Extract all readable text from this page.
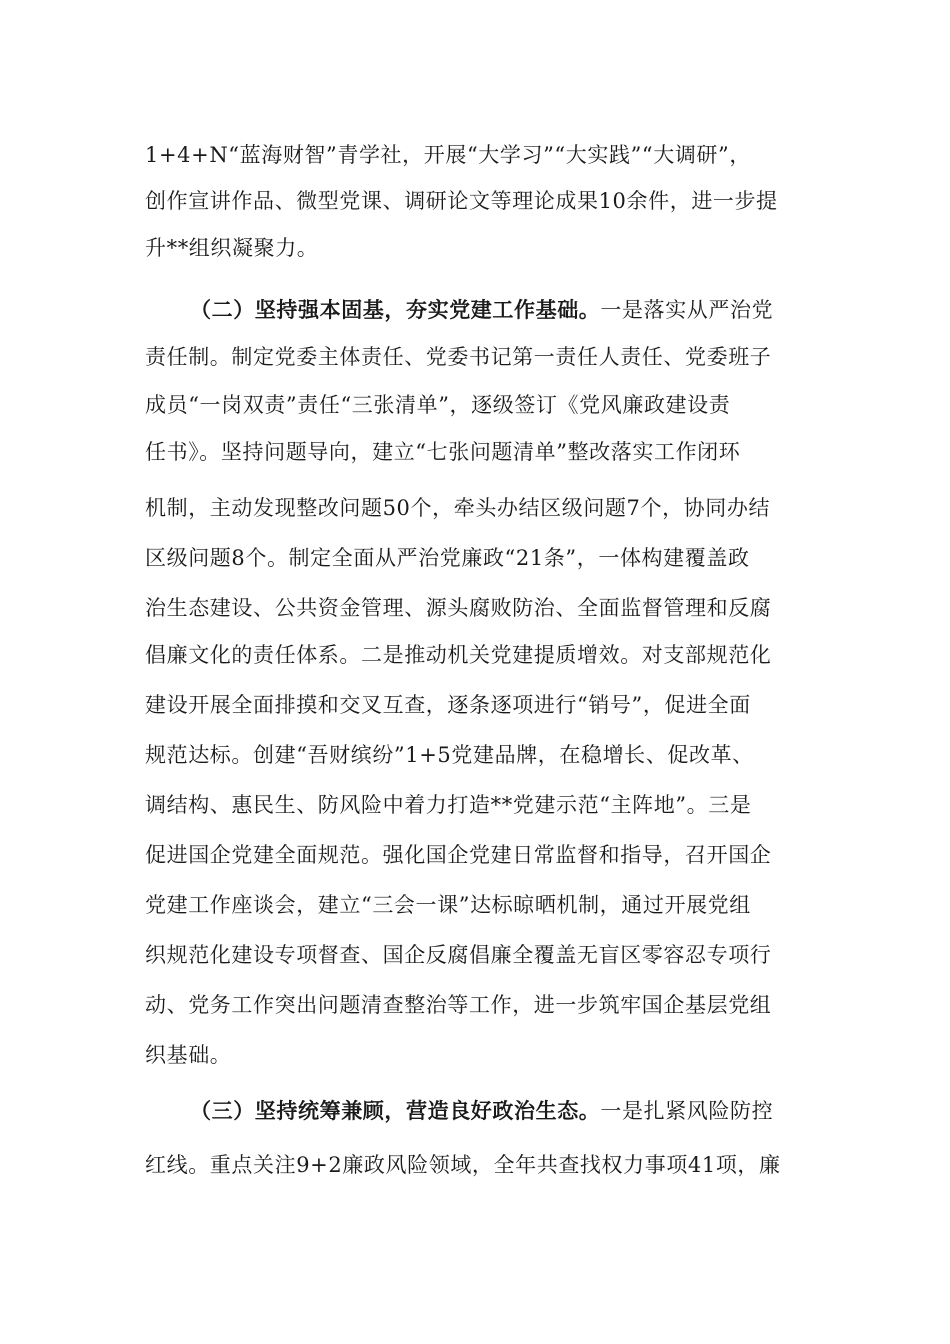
1+4+N“蓝海财智”青学社，开展“大学习”“大实践”“大调研”，
创作宣讲作品、微型党课、调研论文等理论成果10余件，进一步提
升**组织凝聚力。
（二）坚持强本固基，夯实党建工作基础。一是落实从严治党
责任制。制定党委主体责任、党委书记第一责任人责任、党委班子
成员“一岗双责”责任“三张清单”，逐级签订《党风廉政建设责
任书》。坚持问题导向，建立“七张问题清单”整改落实工作闭环
机制，主动发现整改问题50个，牵头办结区级问题7个，协同办结
区级问题8个。制定全面从严治党廉政“21条”，一体构建覆盖政
治生态建设、公共资金管理、源头腐败防治、全面监督管理和反腐
倡廉文化的责任体系。二是推动机关党建提质增效。对支部规范化
建设开展全面排摸和交叉互查，逐条逐项进行“销号”，促进全面
规范达标。创建“吾财缤纷”1+5党建品牌，在稳增长、促改革、
调结构、惠民生、防风险中着力打造**党建示范“主阵地”。三是
促进国企党建全面规范。强化国企党建日常监督和指导，召开国企
党建工作座谈会，建立“三会一课”达标晾晒机制，通过开展党组
织规范化建设专项督查、国企反腐倡廉全覆盖无盲区零容忍专项行
动、党务工作突出问题清查整治等工作，进一步筑牢国企基层党组
织基础。
（三）坚持统筹兼顾，营造良好政治生态。一是扎紧风险防控
红线。重点关注9+2廉政风险领域，全年共查找权力事项41项，廉
